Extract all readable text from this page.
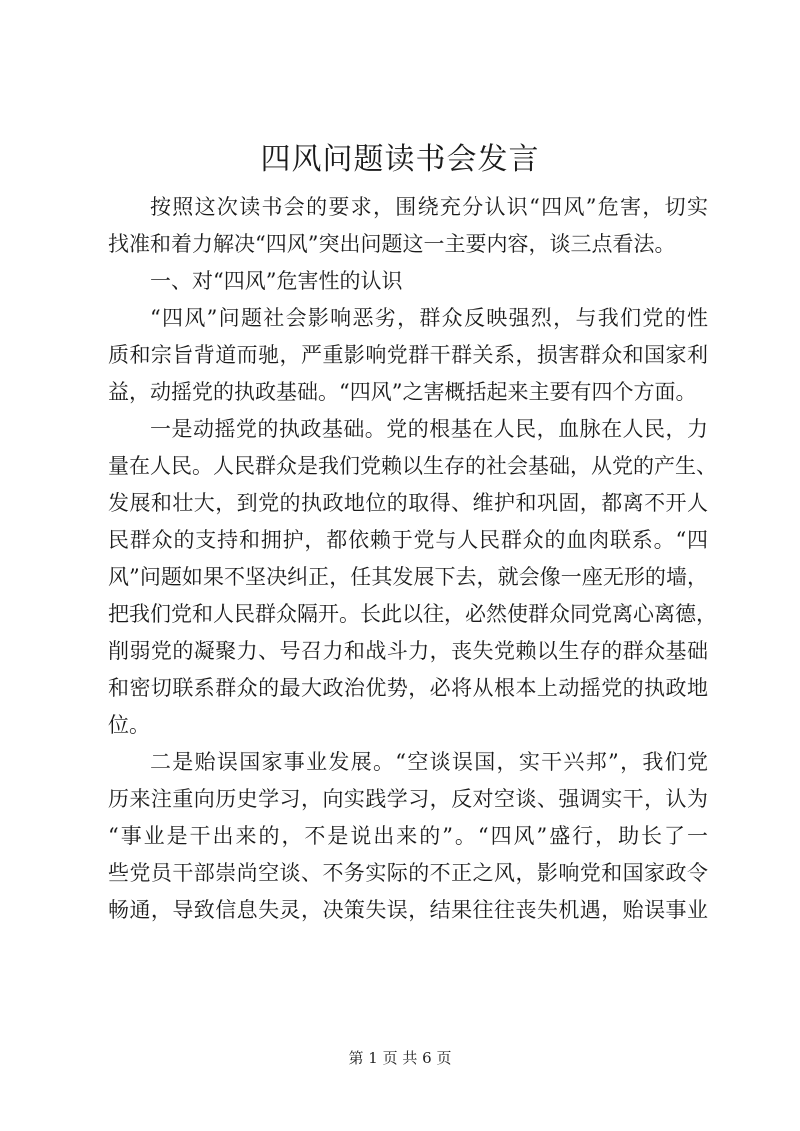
四风问题读书会发言
按照这次读书会的要求，围绕充分认识“四风”危害，切实
找准和着力解决“四风”突出问题这一主要内容，谈三点看法。
一、对“四风”危害性的认识
“四风”问题社会影响恶劣，群众反映强烈，与我们党的性
质和宗旨背道而驰，严重影响党群干群关系，损害群众和国家利
益，动摇党的执政基础。“四风”之害概括起来主要有四个方面。
一是动摇党的执政基础。党的根基在人民，血脉在人民，力
量在人民。人民群众是我们党赖以生存的社会基础，从党的产生、
发展和壮大，到党的执政地位的取得、维护和巩固，都离不开人
民群众的支持和拥护，都依赖于党与人民群众的血肉联系。“四
风”问题如果不坚决纠正，任其发展下去，就会像一座无形的墙，
把我们党和人民群众隔开。长此以往，必然使群众同党离心离德，
削弱党的凝聚力、号召力和战斗力，丧失党赖以生存的群众基础
和密切联系群众的最大政治优势，必将从根本上动摇党的执政地
位。
二是贻误国家事业发展。“空谈误国，实干兴邦”，我们党
历来注重向历史学习，向实践学习，反对空谈、强调实干，认为
“事业是干出来的，不是说出来的”。“四风”盛行，助长了一
些党员干部崇尚空谈、不务实际的不正之风，影响党和国家政令
畅通，导致信息失灵，决策失误，结果往往丧失机遇，贻误事业
第 1 页 共 6 页
